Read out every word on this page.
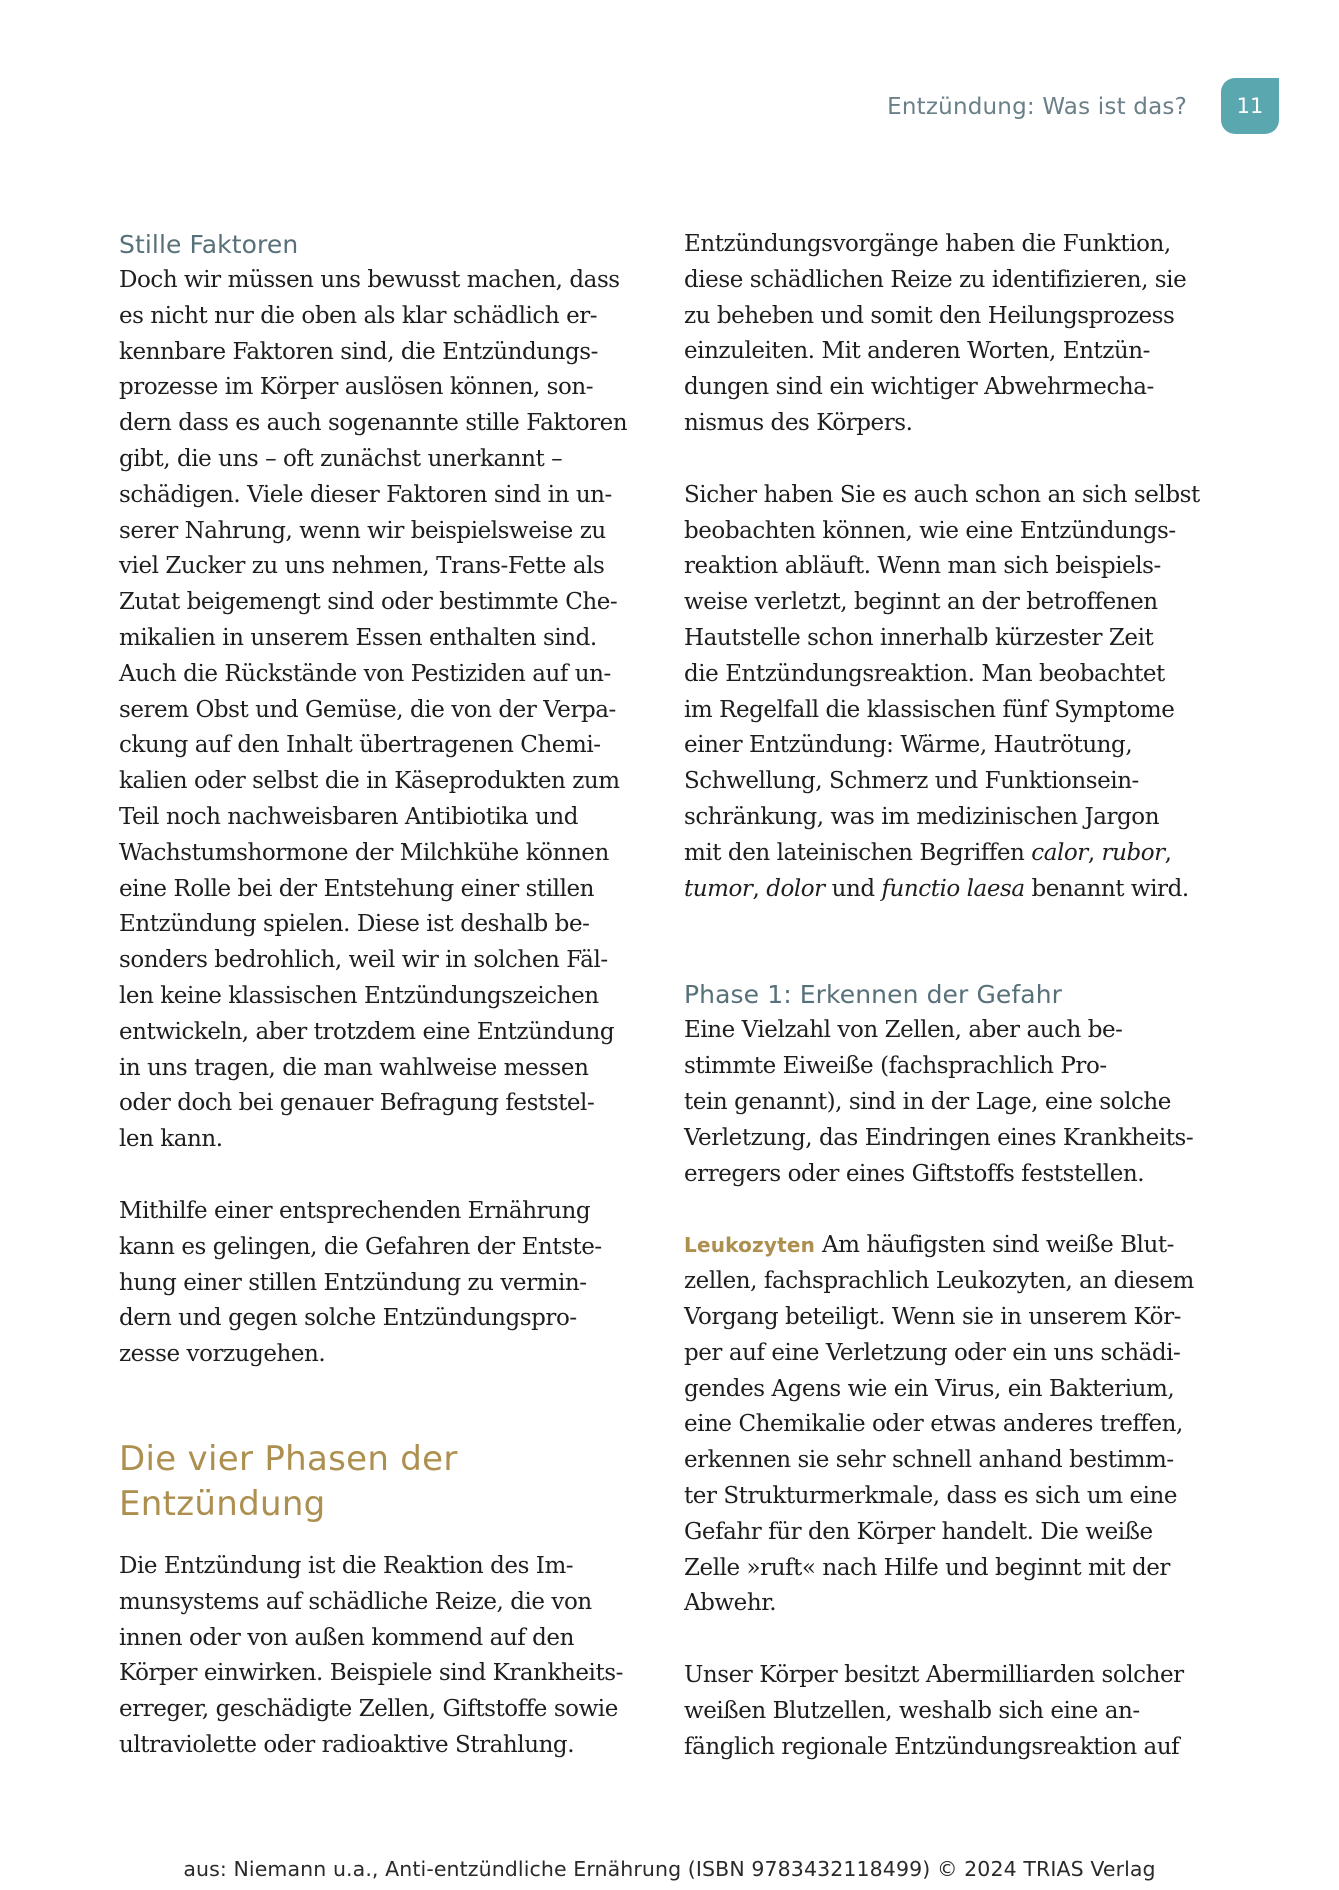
Entzündung: Was ist das?	11
Stille Faktoren
Doch wir müssen uns bewusst machen, dass
es nicht nur die oben als klar schädlich er-
kennbare Faktoren sind, die Entzündungs-
prozesse im Körper auslösen können, son-
dern dass es auch sogenannte stille Faktoren
gibt, die uns – oft zunächst unerkannt –
schädigen. Viele dieser Faktoren sind in un-
serer Nahrung, wenn wir beispielsweise zu
viel Zucker zu uns nehmen, Trans-Fette als
Zutat beigemengt sind oder bestimmte Che-
mikalien in unserem Essen enthalten sind.
Auch die Rückstände von Pestiziden auf un-
serem Obst und Gemüse, die von der Verpa-
ckung auf den Inhalt übertragenen Chemi-
kalien oder selbst die in Käseprodukten zum
Teil noch nachweisbaren Antibiotika und
Wachstumshormone der Milchkühe können
eine Rolle bei der Entstehung einer stillen
Entzündung spielen. Diese ist deshalb be-
sonders bedrohlich, weil wir in solchen Fäl-
len keine klassischen Entzündungszeichen
entwickeln, aber trotzdem eine Entzündung
in uns tragen, die man wahlweise messen
oder doch bei genauer Befragung feststel-
len kann.
Mithilfe einer entsprechenden Ernährung
kann es gelingen, die Gefahren der Entste-
hung einer stillen Entzündung zu vermin-
dern und gegen solche Entzündungspro-
zesse vorzugehen.
Die vier Phasen der
Entzündung
Die Entzündung ist die Reaktion des Im-
munsystems auf schädliche Reize, die von
innen oder von außen kommend auf den
Körper einwirken. Beispiele sind Krankheits-
erreger, geschädigte Zellen, Giftstoffe sowie
ultraviolette oder radioaktive Strahlung.
Entzündungsvorgänge haben die Funktion,
diese schädlichen Reize zu identifizieren, sie
zu beheben und somit den Heilungsprozess
einzuleiten. Mit anderen Worten, Entzün-
dungen sind ein wichtiger Abwehrmecha-
nismus des Körpers.
Sicher haben Sie es auch schon an sich selbst
beobachten können, wie eine Entzündungs-
reaktion abläuft. Wenn man sich beispiels-
weise verletzt, beginnt an der betroffenen
Hautstelle schon innerhalb kürzester Zeit
die Entzündungsreaktion. Man beobachtet
im Regelfall die klassischen fünf Symptome
einer Entzündung: Wärme, Hautrötung,
Schwellung, Schmerz und Funktionsein-
schränkung, was im medizinischen Jargon
mit den lateinischen Begriffen calor, rubor,
tumor, dolor und functio laesa benannt wird.
Phase 1: Erkennen der Gefahr
Eine Vielzahl von Zellen, aber auch be-
stimmte Eiweiße (fachsprachlich Pro-
tein genannt), sind in der Lage, eine solche
Verletzung, das Eindringen eines Krankheits-
erregers oder eines Giftstoffs feststellen.
Leukozyten Am häufigsten sind weiße Blut-
zellen, fachsprachlich Leukozyten, an diesem
Vorgang beteiligt. Wenn sie in unserem Kör-
per auf eine Verletzung oder ein uns schädi-
gendes Agens wie ein Virus, ein Bakterium,
eine Chemikalie oder etwas anderes treffen,
erkennen sie sehr schnell anhand bestimm-
ter Strukturmerkmale, dass es sich um eine
Gefahr für den Körper handelt. Die weiße
Zelle »ruft« nach Hilfe und beginnt mit der
Abwehr.
Unser Körper besitzt Abermilliarden solcher
weißen Blutzellen, weshalb sich eine an-
fänglich regionale Entzündungsreaktion auf
aus: Niemann u.a., Anti-entzündliche Ernährung (ISBN 9783432118499) © 2024 TRIAS Verlag
